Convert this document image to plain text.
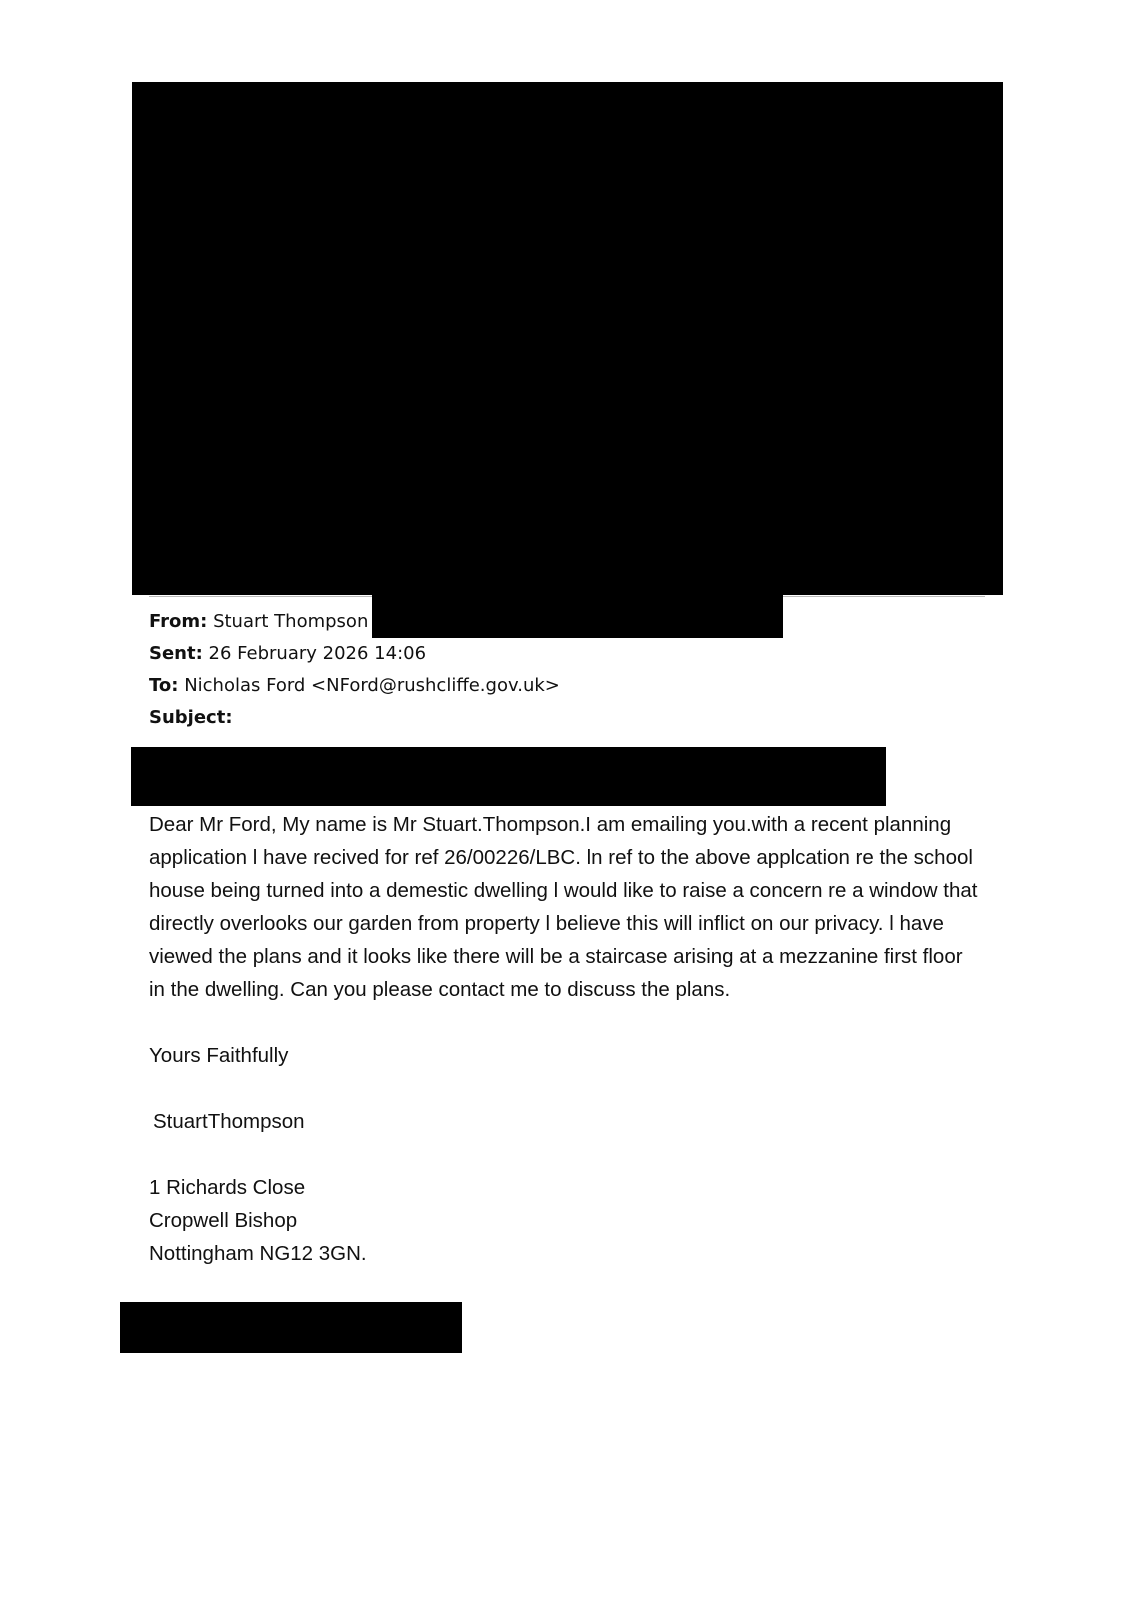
From: Stuart Thompson
Sent: 26 February 2026 14:06
To: Nicholas Ford <NFord@rushcliffe.gov.uk>
Subject:

Dear Mr Ford, My name is Mr Stuart.Thompson.I am emailing you.with a recent planning application l have recived for ref 26/00226/LBC. ln ref to the above applcation re the school house being turned into a demestic dwelling l would like to raise a concern re a window that directly overlooks our garden from property l believe this will inflict on our privacy. l have viewed the plans and it looks like there will be a staircase arising at a mezzanine first floor in the dwelling. Can you please contact me to discuss the plans.

Yours Faithfully
StuartThompson
1 Richards Close
Cropwell Bishop
Nottingham NG12 3GN.
